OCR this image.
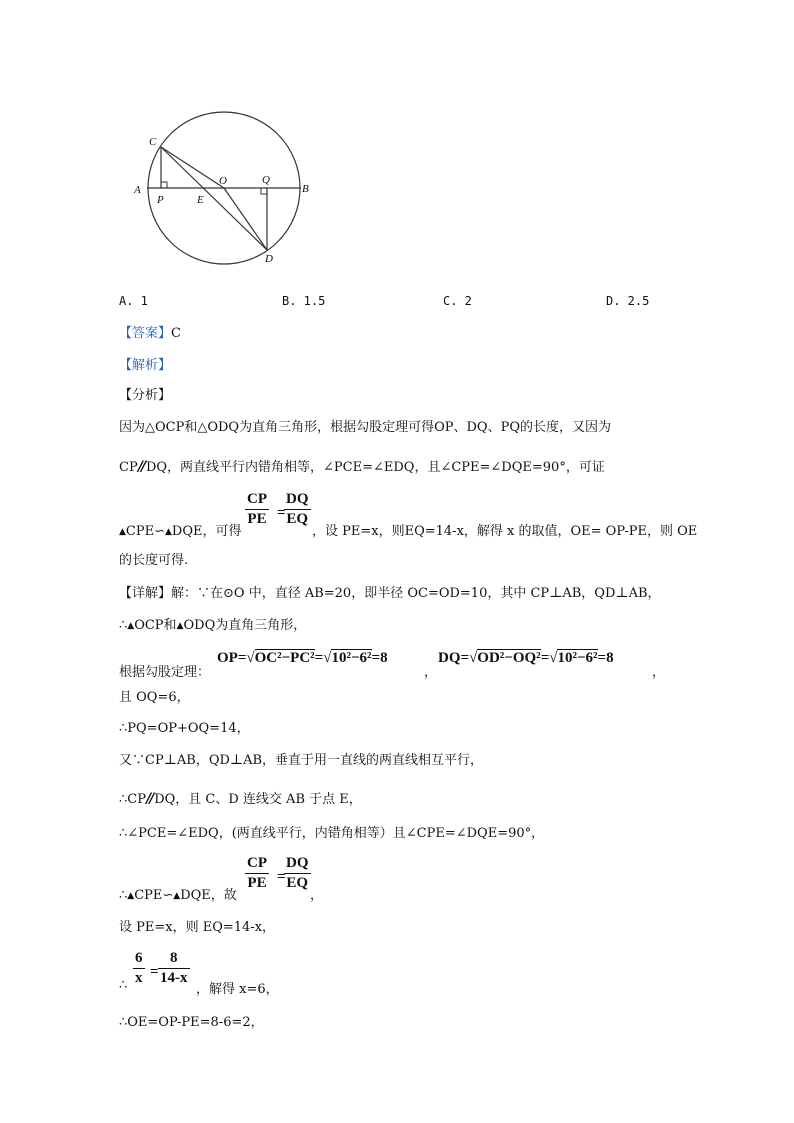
C
A
P	E
O	Q
B
D
A. 1	B. 1.5	C. 2	D. 2.5
【答案】C
【解析】
【分析】
因为△OCP和△ODQ为直角三角形，根据勾股定理可得OP、DQ、PQ的长度，又因为
CP// DQ，两直线平行内错角相等，∠PCE=∠EDQ，且∠CPE=∠DQE=90°，可证
$\frac{CP}{PE}$ =
$\frac{DQ}{EQ}$
▲CPE∽▲DQE，可得	，设 PE=x，则EQ=14-x，解得 x 的取值，OE= OP-PE，则 OE
的长度可得.
【详解】解：∵在⊙O 中，直径 AB=20，即半径 OC=OD=10，其中 CP⊥AB，QD⊥AB，
∴▲OCP和▲ODQ为直角三角形，
根据勾股定理：
OP=√OC²−PC²=√10²−6²=8
，
DQ=√OD²−OQ²=√10²−6²=8
，
且 OQ=6，
∴PQ=OP+OQ=14，
又∵CP⊥AB，QD⊥AB，垂直于用一直线的两直线相互平行，
∴CP// DQ，且 C、D 连线交 AB 于点 E，
∴∠PCE=∠EDQ，(两直线平行，内错角相等）且∠CPE=∠DQE=90°，
$\frac{CP}{PE}$ =
$\frac{DQ}{EQ}$
∴▲CPE∽▲DQE，故	，
设 PE=x，则 EQ=14-x，
$\frac{6}{x} = \frac{8}{14-x}$
∴	，解得 x=6，
∴OE=OP-PE=8-6=2，
